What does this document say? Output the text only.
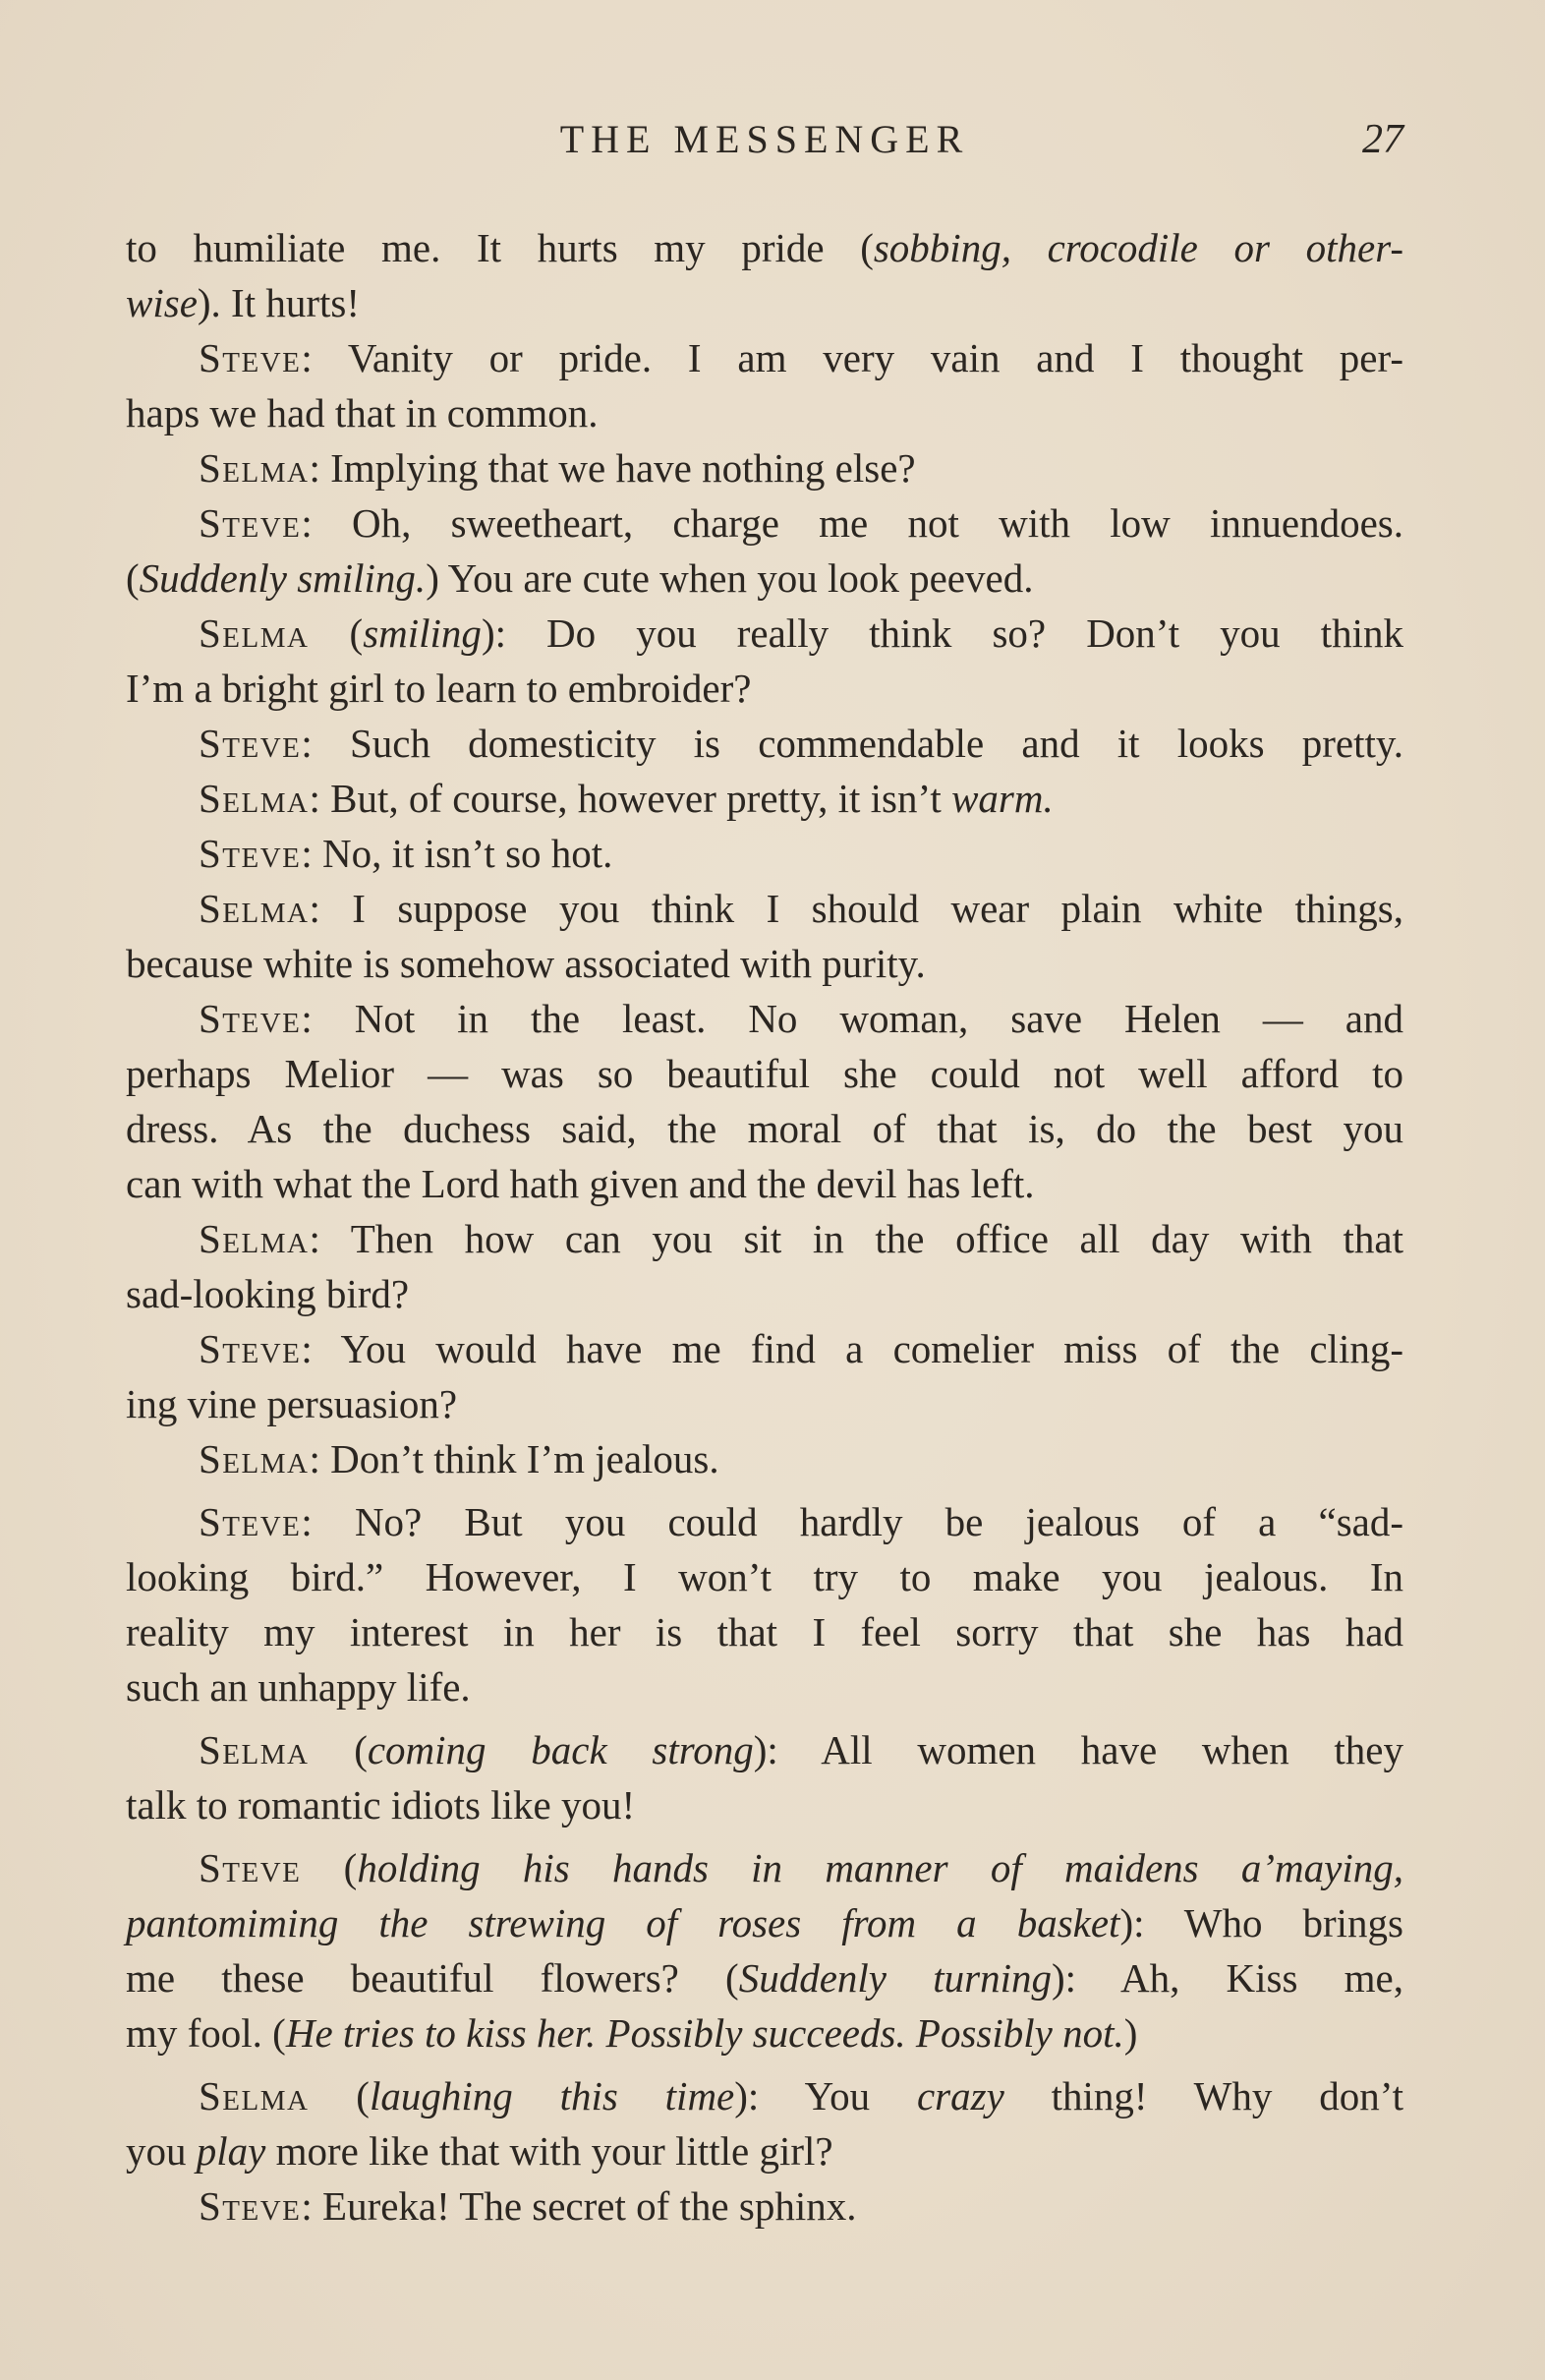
THE MESSENGER	27
to humiliate me. It hurts my pride (sobbing, crocodile or other-
wise). It hurts!
Steve: Vanity or pride. I am very vain and I thought per-
haps we had that in common.
Selma: Implying that we have nothing else?
Steve: Oh, sweetheart, charge me not with low innuendoes.
(Suddenly smiling.) You are cute when you look peeved.
Selma (smiling): Do you really think so? Don’t you think
I’m a bright girl to learn to embroider?
Steve: Such domesticity is commendable and it looks pretty.
Selma: But, of course, however pretty, it isn’t warm.
Steve: No, it isn’t so hot.
Selma: I suppose you think I should wear plain white things,
because white is somehow associated with purity.
Steve: Not in the least. No woman, save Helen — and
perhaps Melior — was so beautiful she could not well afford to
dress. As the duchess said, the moral of that is, do the best you
can with what the Lord hath given and the devil has left.
Selma: Then how can you sit in the office all day with that
sad-looking bird?
Steve: You would have me find a comelier miss of the cling-
ing vine persuasion?
Selma: Don’t think I’m jealous.
Steve: No? But you could hardly be jealous of a “sad-
looking bird.” However, I won’t try to make you jealous. In
reality my interest in her is that I feel sorry that she has had
such an unhappy life.
Selma (coming back strong): All women have when they
talk to romantic idiots like you!
Steve (holding his hands in manner of maidens a’maying,
pantomiming the strewing of roses from a basket): Who brings
me these beautiful flowers? (Suddenly turning): Ah, Kiss me,
my fool. (He tries to kiss her. Possibly succeeds. Possibly not.)
Selma (laughing this time): You crazy thing! Why don’t
you play more like that with your little girl?
Steve: Eureka! The secret of the sphinx.
